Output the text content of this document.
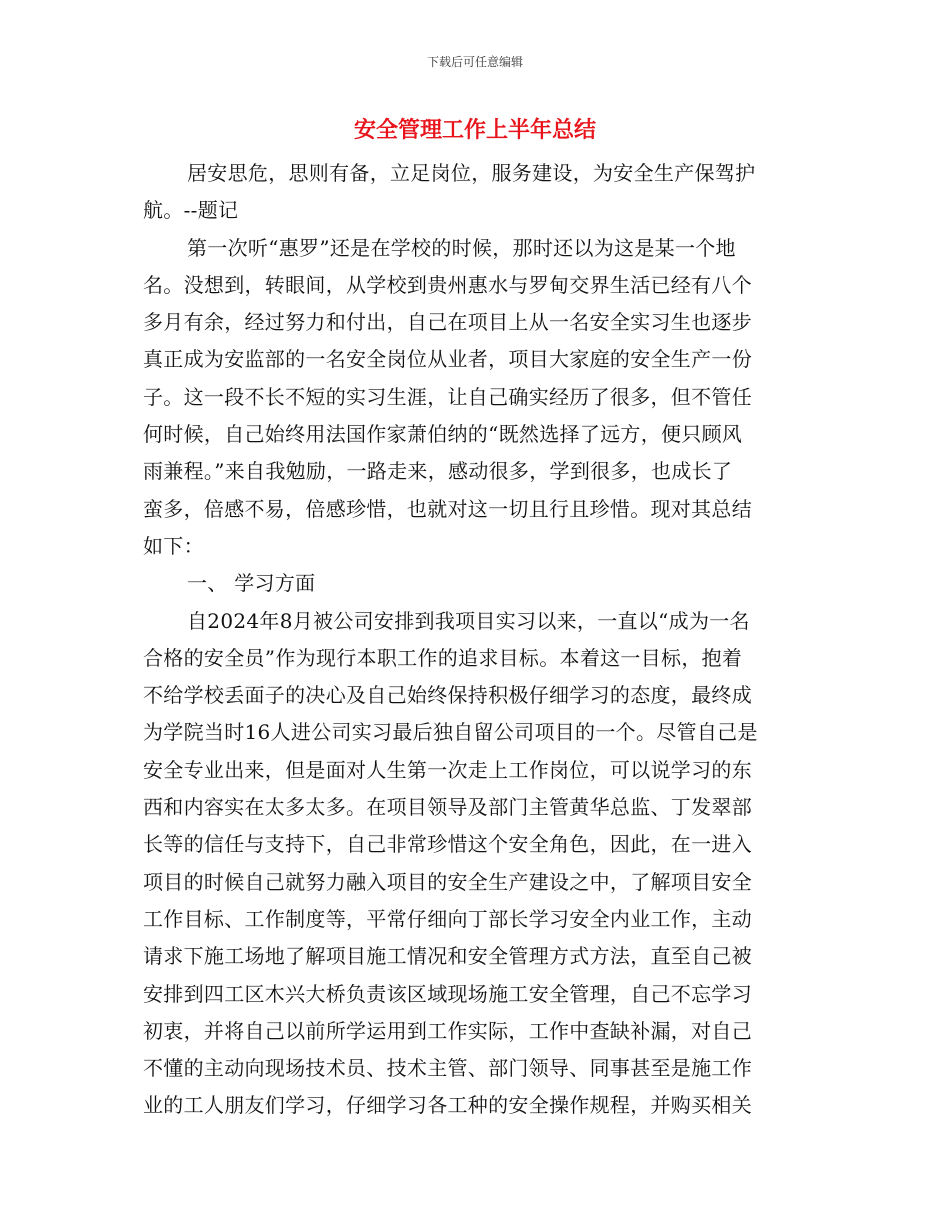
下载后可任意编辑
安全管理工作上半年总结
居安思危，思则有备，立足岗位，服务建设，为安全生产保驾护
航。--题记
第一次听“惠罗”还是在学校的时候，那时还以为这是某一个地
名。没想到，转眼间，从学校到贵州惠水与罗甸交界生活已经有八个
多月有余，经过努力和付出，自己在项目上从一名安全实习生也逐步
真正成为安监部的一名安全岗位从业者，项目大家庭的安全生产一份
子。这一段不长不短的实习生涯，让自己确实经历了很多，但不管任
何时候，自己始终用法国作家萧伯纳的“既然选择了远方，便只顾风
雨兼程。”来自我勉励，一路走来，感动很多，学到很多，也成长了
蛮多，倍感不易，倍感珍惜，也就对这一切且行且珍惜。现对其总结
如下：
一、 学习方面
自2024年8月被公司安排到我项目实习以来，一直以“成为一名
合格的安全员”作为现行本职工作的追求目标。本着这一目标，抱着
不给学校丢面子的决心及自己始终保持积极仔细学习的态度，最终成
为学院当时16人进公司实习最后独自留公司项目的一个。尽管自己是
安全专业出来，但是面对人生第一次走上工作岗位，可以说学习的东
西和内容实在太多太多。在项目领导及部门主管黄华总监、丁发翠部
长等的信任与支持下，自己非常珍惜这个安全角色，因此，在一进入
项目的时候自己就努力融入项目的安全生产建设之中，了解项目安全
工作目标、工作制度等，平常仔细向丁部长学习安全内业工作，主动
请求下施工场地了解项目施工情况和安全管理方式方法，直至自己被
安排到四工区木兴大桥负责该区域现场施工安全管理，自己不忘学习
初衷，并将自己以前所学运用到工作实际，工作中查缺补漏，对自己
不懂的主动向现场技术员、技术主管、部门领导、同事甚至是施工作
业的工人朋友们学习，仔细学习各工种的安全操作规程，并购买相关
